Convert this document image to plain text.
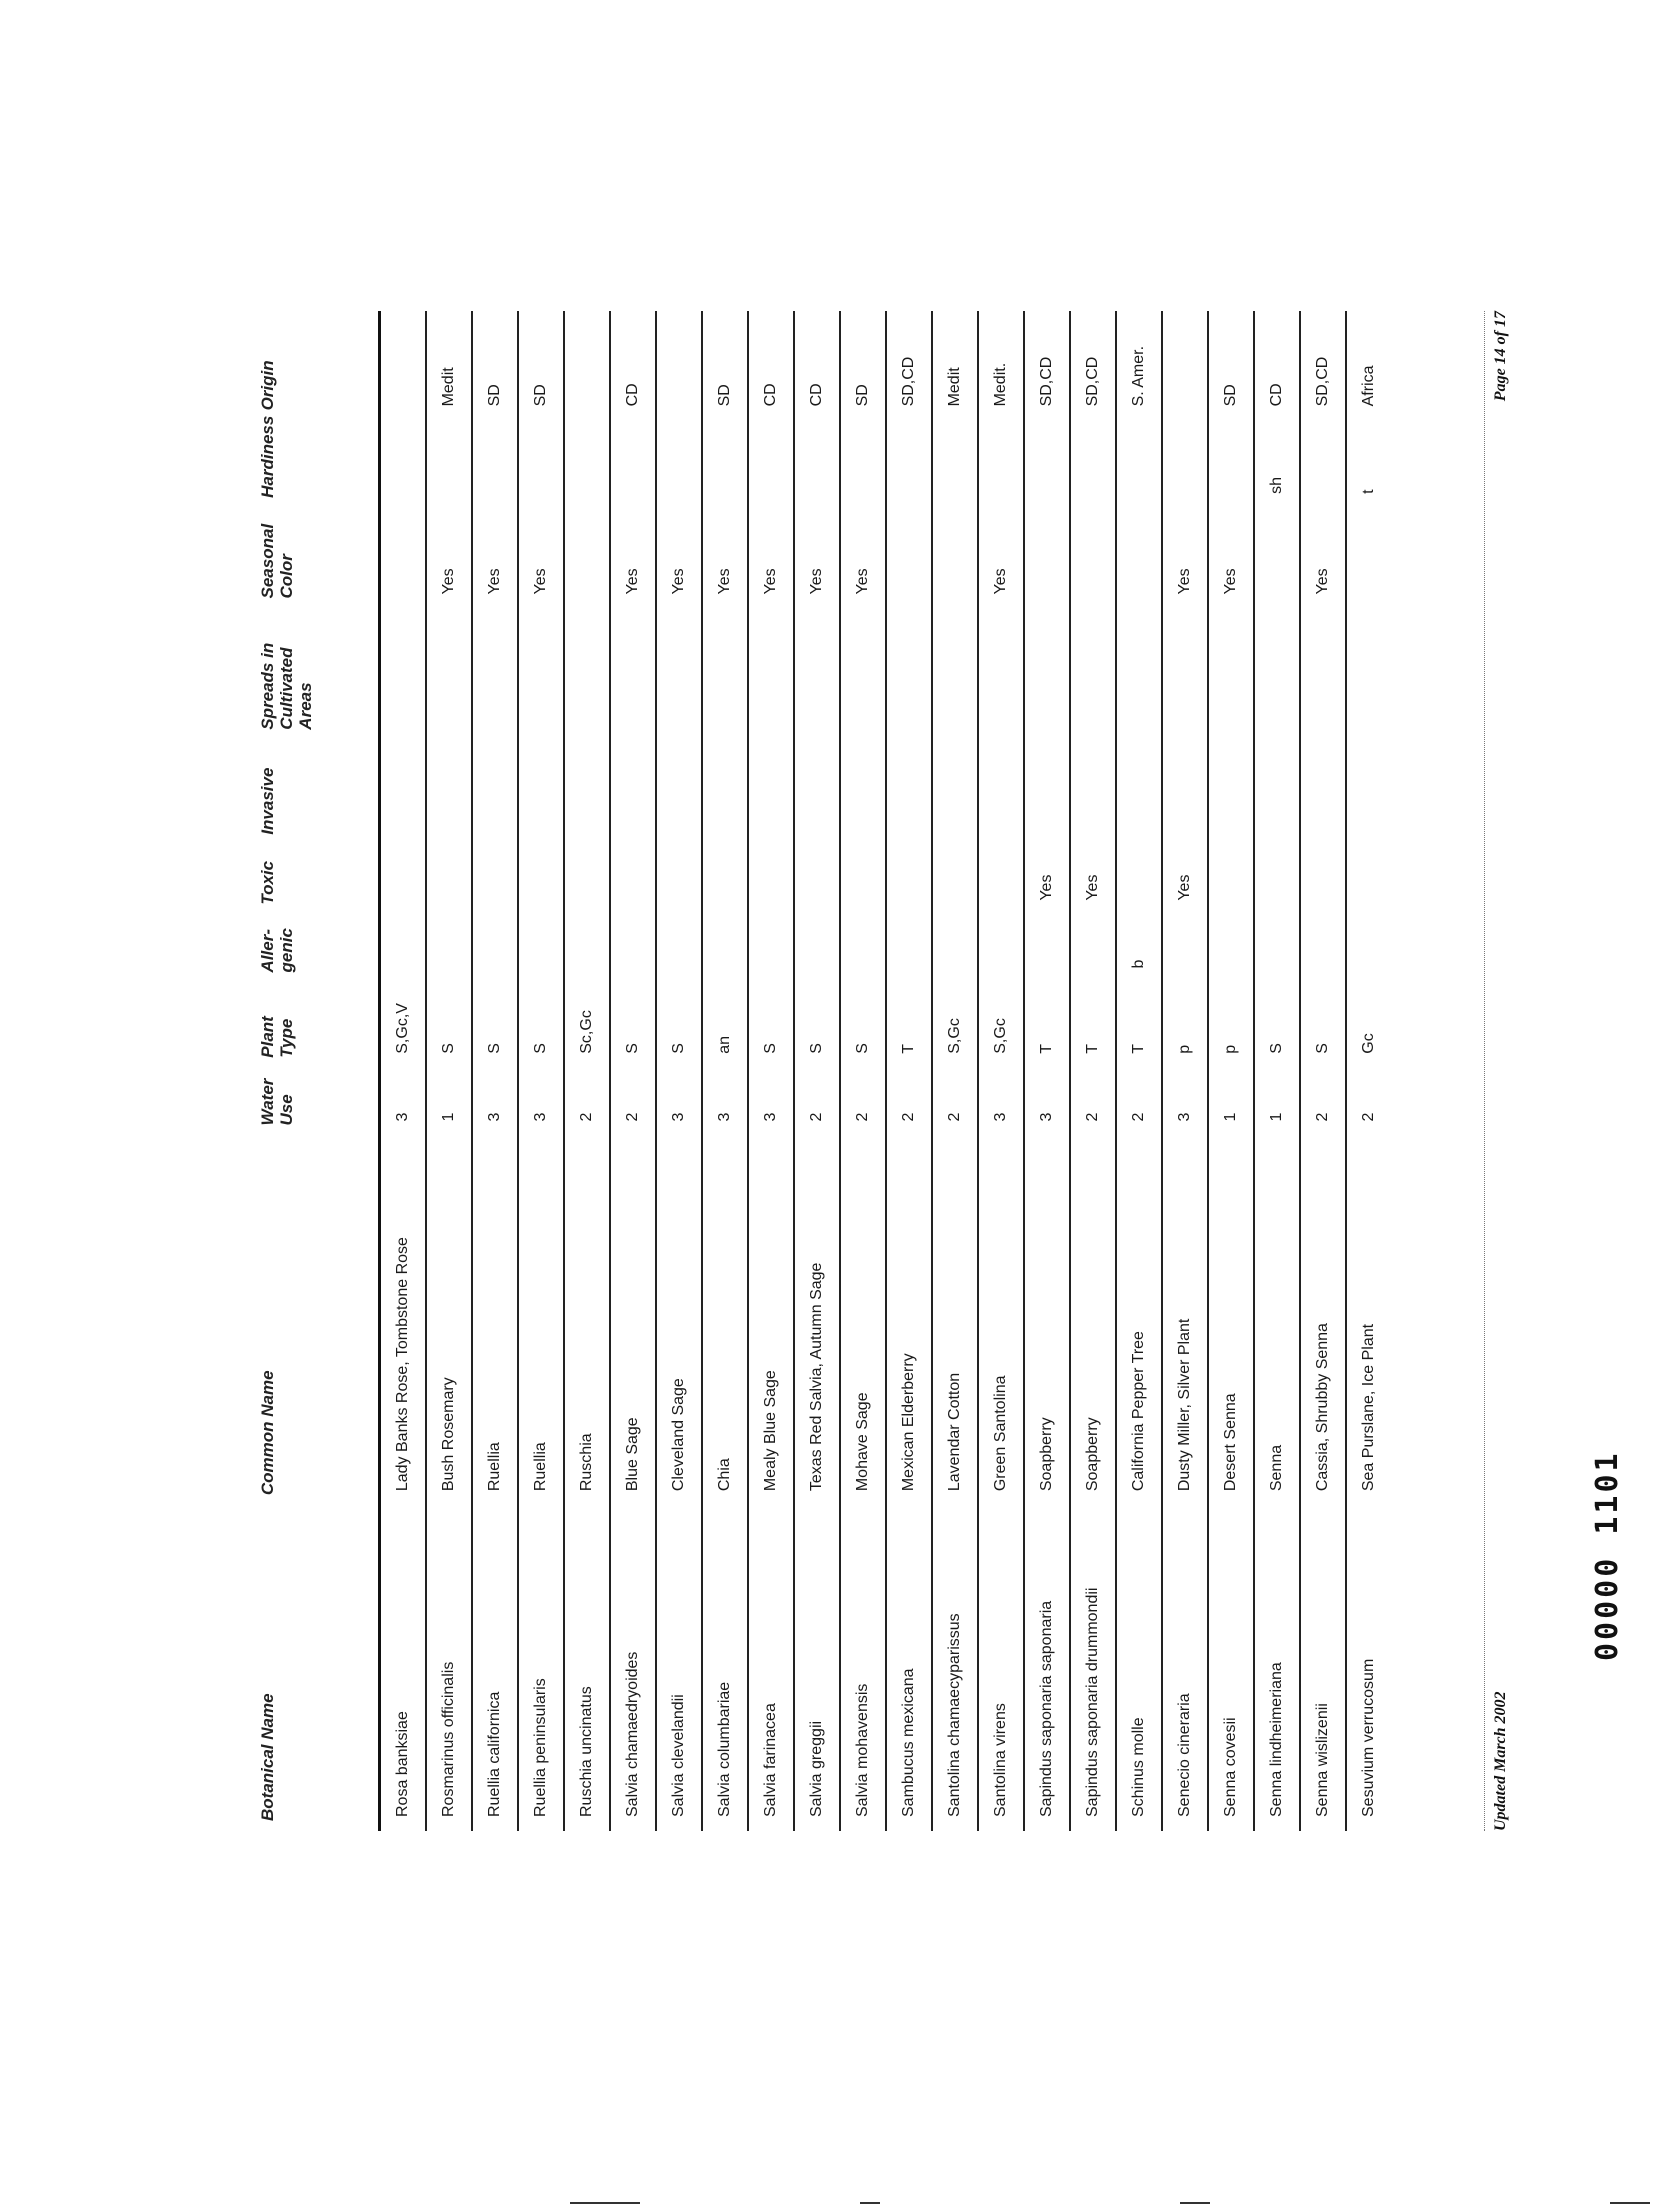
Botanical Name	Common Name	Water Use	Plant Type	Aller- genic	Toxic	Invasive	Spreads in Cultivated Areas	Seasonal Color	Hardiness	Origin
Rosa banksiae	Lady Banks Rose, Tombstone Rose	3	S,Gc,V							
Rosmarinus officinalis	Bush Rosemary	1	S					Yes		Medit
Ruellia californica	Ruellia	3	S					Yes		SD
Ruellia peninsularis	Ruellia	3	S					Yes		SD
Ruschia uncinatus	Ruschia	2	Sc,Gc							
Salvia chamaedryoides	Blue Sage	2	S					Yes		CD
Salvia clevelandii	Cleveland Sage	3	S					Yes		
Salvia columbariae	Chia	3	an					Yes		SD
Salvia farinacea	Mealy Blue Sage	3	S					Yes		CD
Salvia greggii	Texas Red Salvia, Autumn Sage	2	S					Yes		CD
Salvia mohavensis	Mohave Sage	2	S					Yes		SD
Sambucus mexicana	Mexican Elderberry	2	T							SD,CD
Santolina chamaecyparissus	Lavendar Cotton	2	S,Gc							Medit
Santolina virens	Green Santolina	3	S,Gc					Yes		Medit.
Sapindus saponaria saponaria	Soapberry	3	T		Yes					SD,CD
Sapindus saponaria drummondii	Soapberry	2	T		Yes					SD,CD
Schinus molle	California Pepper Tree	2	T	b						S. Amer.
Senecio cineraria	Dusty Miller, Silver Plant	3	p		Yes			Yes		
Senna covesii	Desert Senna	1	p					Yes		SD
Senna lindheimeriana	Senna	1	S						sh	CD
Senna wislizenii	Cassia, Shrubby Senna	2	S					Yes		SD,CD
Sesuvium verrucosum	Sea Purslane, Ice Plant	2	Gc						t	Africa
Updated March 2002
Page 14 of 17
00000 1101
